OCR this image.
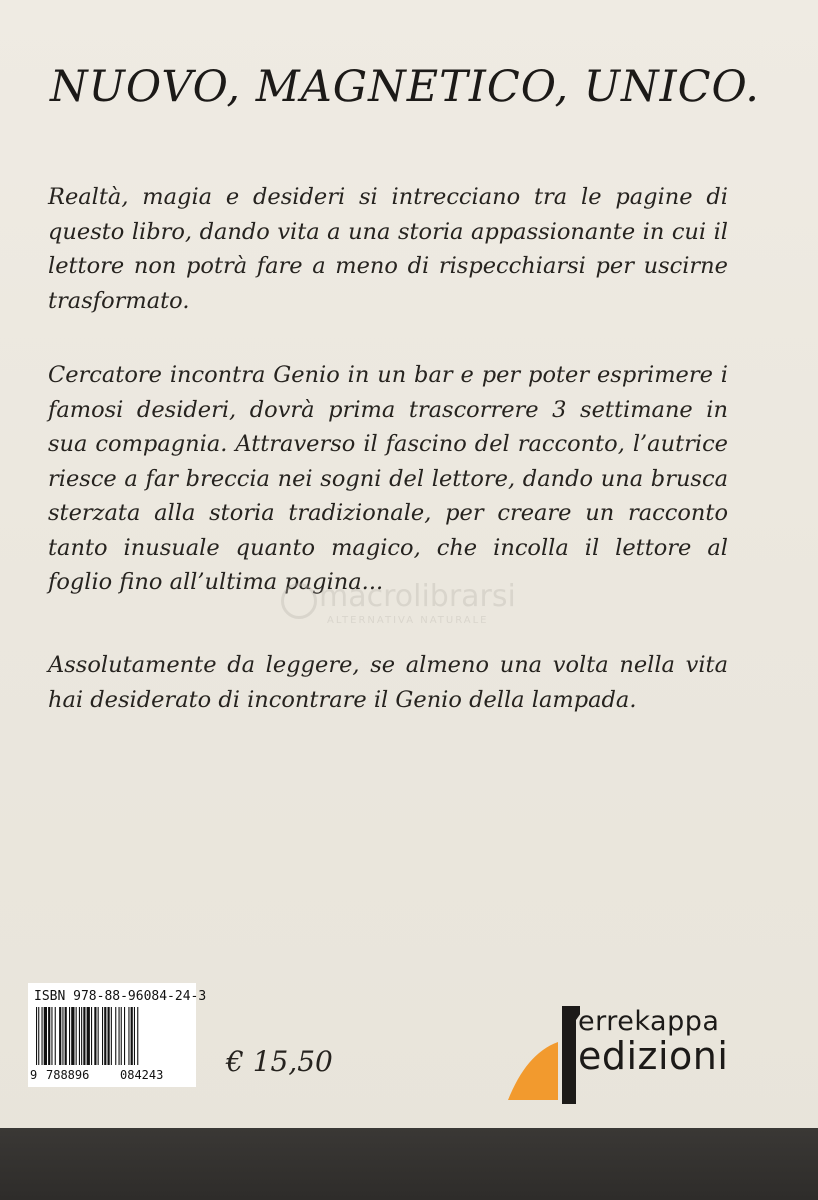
NUOVO, MAGNETICO, UNICO.

Realtà, magia e desideri si intrecciano tra le pagine di questo libro, dando vita a una storia appassionante in cui il lettore non potrà fare a meno di rispecchiarsi per uscirne trasformato.

Cercatore incontra Genio in un bar e per poter esprimere i famosi desideri, dovrà prima trascorrere 3 settimane in sua compagnia. Attraverso il fascino del racconto, l’autrice riesce a far breccia nei sogni del lettore, dando una brusca sterzata alla storia tradizionale, per creare un racconto tanto inusuale quanto magico, che incolla il lettore al foglio fino all’ultima pagina...

Assolutamente da leggere, se almeno una volta nella vita hai desiderato di incontrare il Genio della lampada.

macrolibrarsi
ALTERNATIVA NATURALE
ISBN 978-88-96084-24-3
9 788896	084243 € 15,50
errekappa
edizioni
